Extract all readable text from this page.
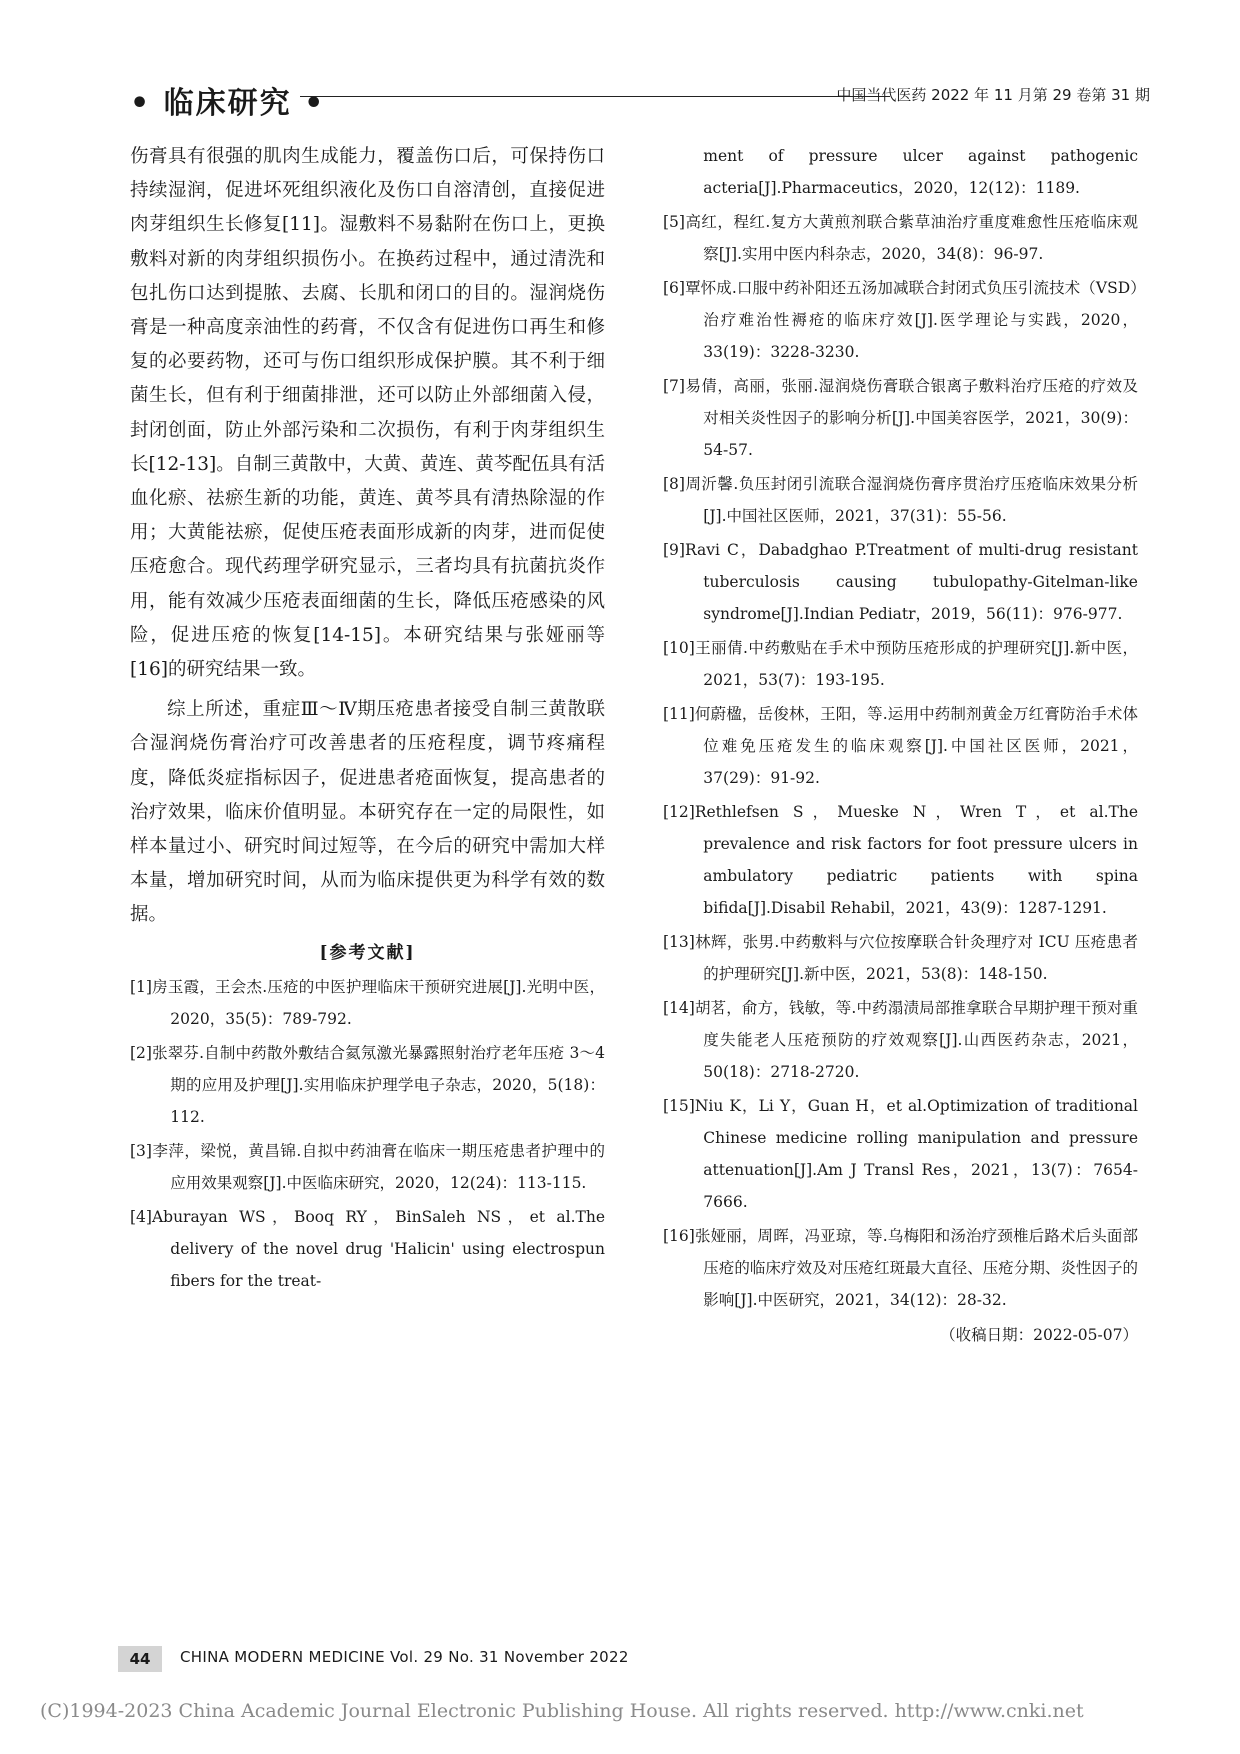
• 临床研究 •	中国当代医药 2022 年 11 月第 29 卷第 31 期

伤膏具有很强的肌肉生成能力，覆盖伤口后，可保持伤口持续湿润，促进坏死组织液化及伤口自溶清创，直接促进肉芽组织生长修复[11]。湿敷料不易黏附在伤口上，更换敷料对新的肉芽组织损伤小。在换药过程中，通过清洗和包扎伤口达到提脓、去腐、长肌和闭口的目的。湿润烧伤膏是一种高度亲油性的药膏，不仅含有促进伤口再生和修复的必要药物，还可与伤口组织形成保护膜。其不利于细菌生长，但有利于细菌排泄，还可以防止外部细菌入侵，封闭创面，防止外部污染和二次损伤，有利于肉芽组织生长[12-13]。自制三黄散中，大黄、黄连、黄芩配伍具有活血化瘀、祛瘀生新的功能，黄连、黄芩具有清热除湿的作用；大黄能祛瘀，促使压疮表面形成新的肉芽，进而促使压疮愈合。现代药理学研究显示，三者均具有抗菌抗炎作用，能有效减少压疮表面细菌的生长，降低压疮感染的风险，促进压疮的恢复[14-15]。本研究结果与张娅丽等[16]的研究结果一致。

综上所述，重症Ⅲ～Ⅳ期压疮患者接受自制三黄散联合湿润烧伤膏治疗可改善患者的压疮程度，调节疼痛程度，降低炎症指标因子，促进患者疮面恢复，提高患者的治疗效果，临床价值明显。本研究存在一定的局限性，如样本量过小、研究时间过短等，在今后的研究中需加大样本量，增加研究时间，从而为临床提供更为科学有效的数据。

[参考文献]

[1]房玉霞，王会杰.压疮的中医护理临床干预研究进展[J].光明中医，2020，35(5)：789-792.

[2]张翠芬.自制中药散外敷结合氦氖激光暴露照射治疗老年压疮 3～4 期的应用及护理[J].实用临床护理学电子杂志，2020，5(18)：112.

[3]李萍，梁悦，黄昌锦.自拟中药油膏在临床一期压疮患者护理中的应用效果观察[J].中医临床研究，2020，12(24)：113-115.

[4]Aburayan WS，Booq RY，BinSaleh NS，et al.The delivery of the novel drug 'Halicin' using electrospun fibers for the treat-

ment of pressure ulcer against pathogenic acteria[J].Pharmaceutics，2020，12(12)：1189.

[5]高红，程红.复方大黄煎剂联合紫草油治疗重度难愈性压疮临床观察[J].实用中医内科杂志，2020，34(8)：96-97.

[6]覃怀成.口服中药补阳还五汤加减联合封闭式负压引流技术（VSD）治疗难治性褥疮的临床疗效[J].医学理论与实践，2020，33(19)：3228-3230.

[7]易倩，高丽，张丽.湿润烧伤膏联合银离子敷料治疗压疮的疗效及对相关炎性因子的影响分析[J].中国美容医学，2021，30(9)：54-57.

[8]周沂馨.负压封闭引流联合湿润烧伤膏序贯治疗压疮临床效果分析[J].中国社区医师，2021，37(31)：55-56.

[9]Ravi C，Dabadghao P.Treatment of multi-drug resistant tuberculosis causing tubulopathy-Gitelman-like syndrome[J].Indian Pediatr，2019，56(11)：976-977.

[10]王丽倩.中药敷贴在手术中预防压疮形成的护理研究[J].新中医，2021，53(7)：193-195.

[11]何蔚楹，岳俊林，王阳，等.运用中药制剂黄金万红膏防治手术体位难免压疮发生的临床观察[J].中国社区医师，2021，37(29)：91-92.

[12]Rethlefsen S，Mueske N，Wren T，et al.The prevalence and risk factors for foot pressure ulcers in ambulatory pediatric patients with spina bifida[J].Disabil Rehabil，2021，43(9)：1287-1291.

[13]林辉，张男.中药敷料与穴位按摩联合针灸理疗对 ICU 压疮患者的护理研究[J].新中医，2021，53(8)：148-150.

[14]胡茗，俞方，钱敏，等.中药溻渍局部推拿联合早期护理干预对重度失能老人压疮预防的疗效观察[J].山西医药杂志，2021，50(18)：2718-2720.

[15]Niu K，Li Y，Guan H，et al.Optimization of traditional Chinese medicine rolling manipulation and pressure attenuation[J].Am J Transl Res，2021，13(7)：7654-7666.

[16]张娅丽，周晖，冯亚琼，等.乌梅阳和汤治疗颈椎后路术后头面部压疮的临床疗效及对压疮红斑最大直径、压疮分期、炎性因子的影响[J].中医研究，2021，34(12)：28-32.

（收稿日期：2022-05-07）
44	CHINA MODERN MEDICINE Vol. 29 No. 31 November 2022
(C)1994-2023 China Academic Journal Electronic Publishing House. All rights reserved. http://www.cnki.net
